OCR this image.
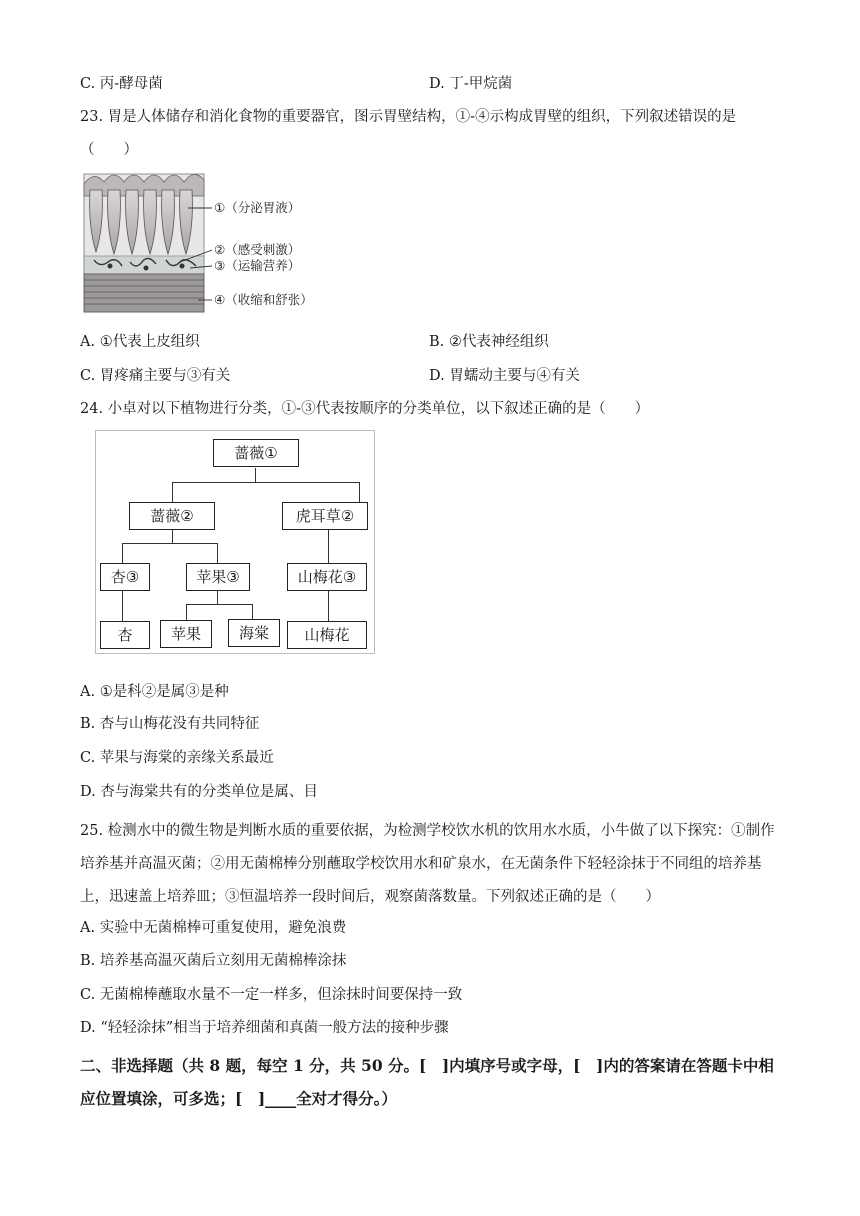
C. 丙-酵母菌	D. 丁-甲烷菌
23. 胃是人体储存和消化食物的重要器官，图示胃壁结构，①-④示构成胃壁的组织，下列叙述错误的是
（　　）
①（分泌胃液）
②（感受刺激）
③（运输营养）
④（收缩和舒张）
A. ①代表上皮组织	B. ②代表神经组织
C. 胃疼痛主要与③有关	D. 胃蠕动主要与④有关
24. 小卓对以下植物进行分类，①-③代表按顺序的分类单位，以下叙述正确的是（　　）
蔷薇①
蔷薇②	虎耳草②
杏③	苹果③	山梅花③
杏	苹果	海棠	山梅花
A. ①是科②是属③是种
B. 杏与山梅花没有共同特征
C. 苹果与海棠的亲缘关系最近
D. 杏与海棠共有的分类单位是属、目
25. 检测水中的微生物是判断水质的重要依据，为检测学校饮水机的饮用水水质，小牛做了以下探究：①制作培养基并高温灭菌；②用无菌棉棒分别蘸取学校饮用水和矿泉水，在无菌条件下轻轻涂抹于不同组的培养基上，迅速盖上培养皿；③恒温培养一段时间后，观察菌落数量。下列叙述正确的是（　　）
A. 实验中无菌棉棒可重复使用，避免浪费
B. 培养基高温灭菌后立刻用无菌棉棒涂抹
C. 无菌棉棒蘸取水量不一定一样多，但涂抹时间要保持一致
D. “轻轻涂抹”相当于培养细菌和真菌一般方法的接种步骤
二、非选择题（共 8 题，每空 1 分，共 50 分。[　]内填序号或字母，[　]内的答案请在答题卡中相应位置填涂，可多选；[　]____全对才得分。）
